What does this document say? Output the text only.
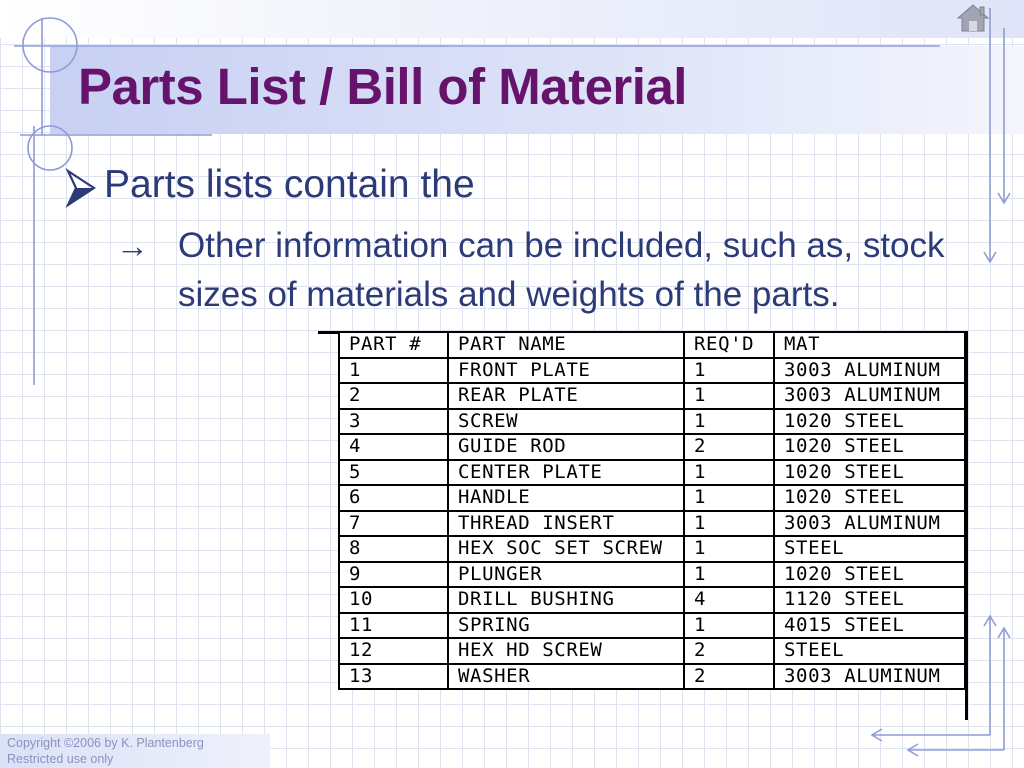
Parts List / Bill of Material
Parts lists contain the
→ Other information can be included, such as, stock sizes of materials and weights of the parts.
PART #	PART NAME	REQ'D	MAT
1	FRONT PLATE	1	3003 ALUMINUM
2	REAR PLATE	1	3003 ALUMINUM
3	SCREW	1	1020 STEEL
4	GUIDE ROD	2	1020 STEEL
5	CENTER PLATE	1	1020 STEEL
6	HANDLE	1	1020 STEEL
7	THREAD INSERT	1	3003 ALUMINUM
8	HEX SOC SET SCREW	1	STEEL
9	PLUNGER	1	1020 STEEL
10	DRILL BUSHING	4	1120 STEEL
11	SPRING	1	4015 STEEL
12	HEX HD SCREW	2	STEEL
13	WASHER	2	3003 ALUMINUM
Copyright ©2006 by K. Plantenberg
Restricted use only
